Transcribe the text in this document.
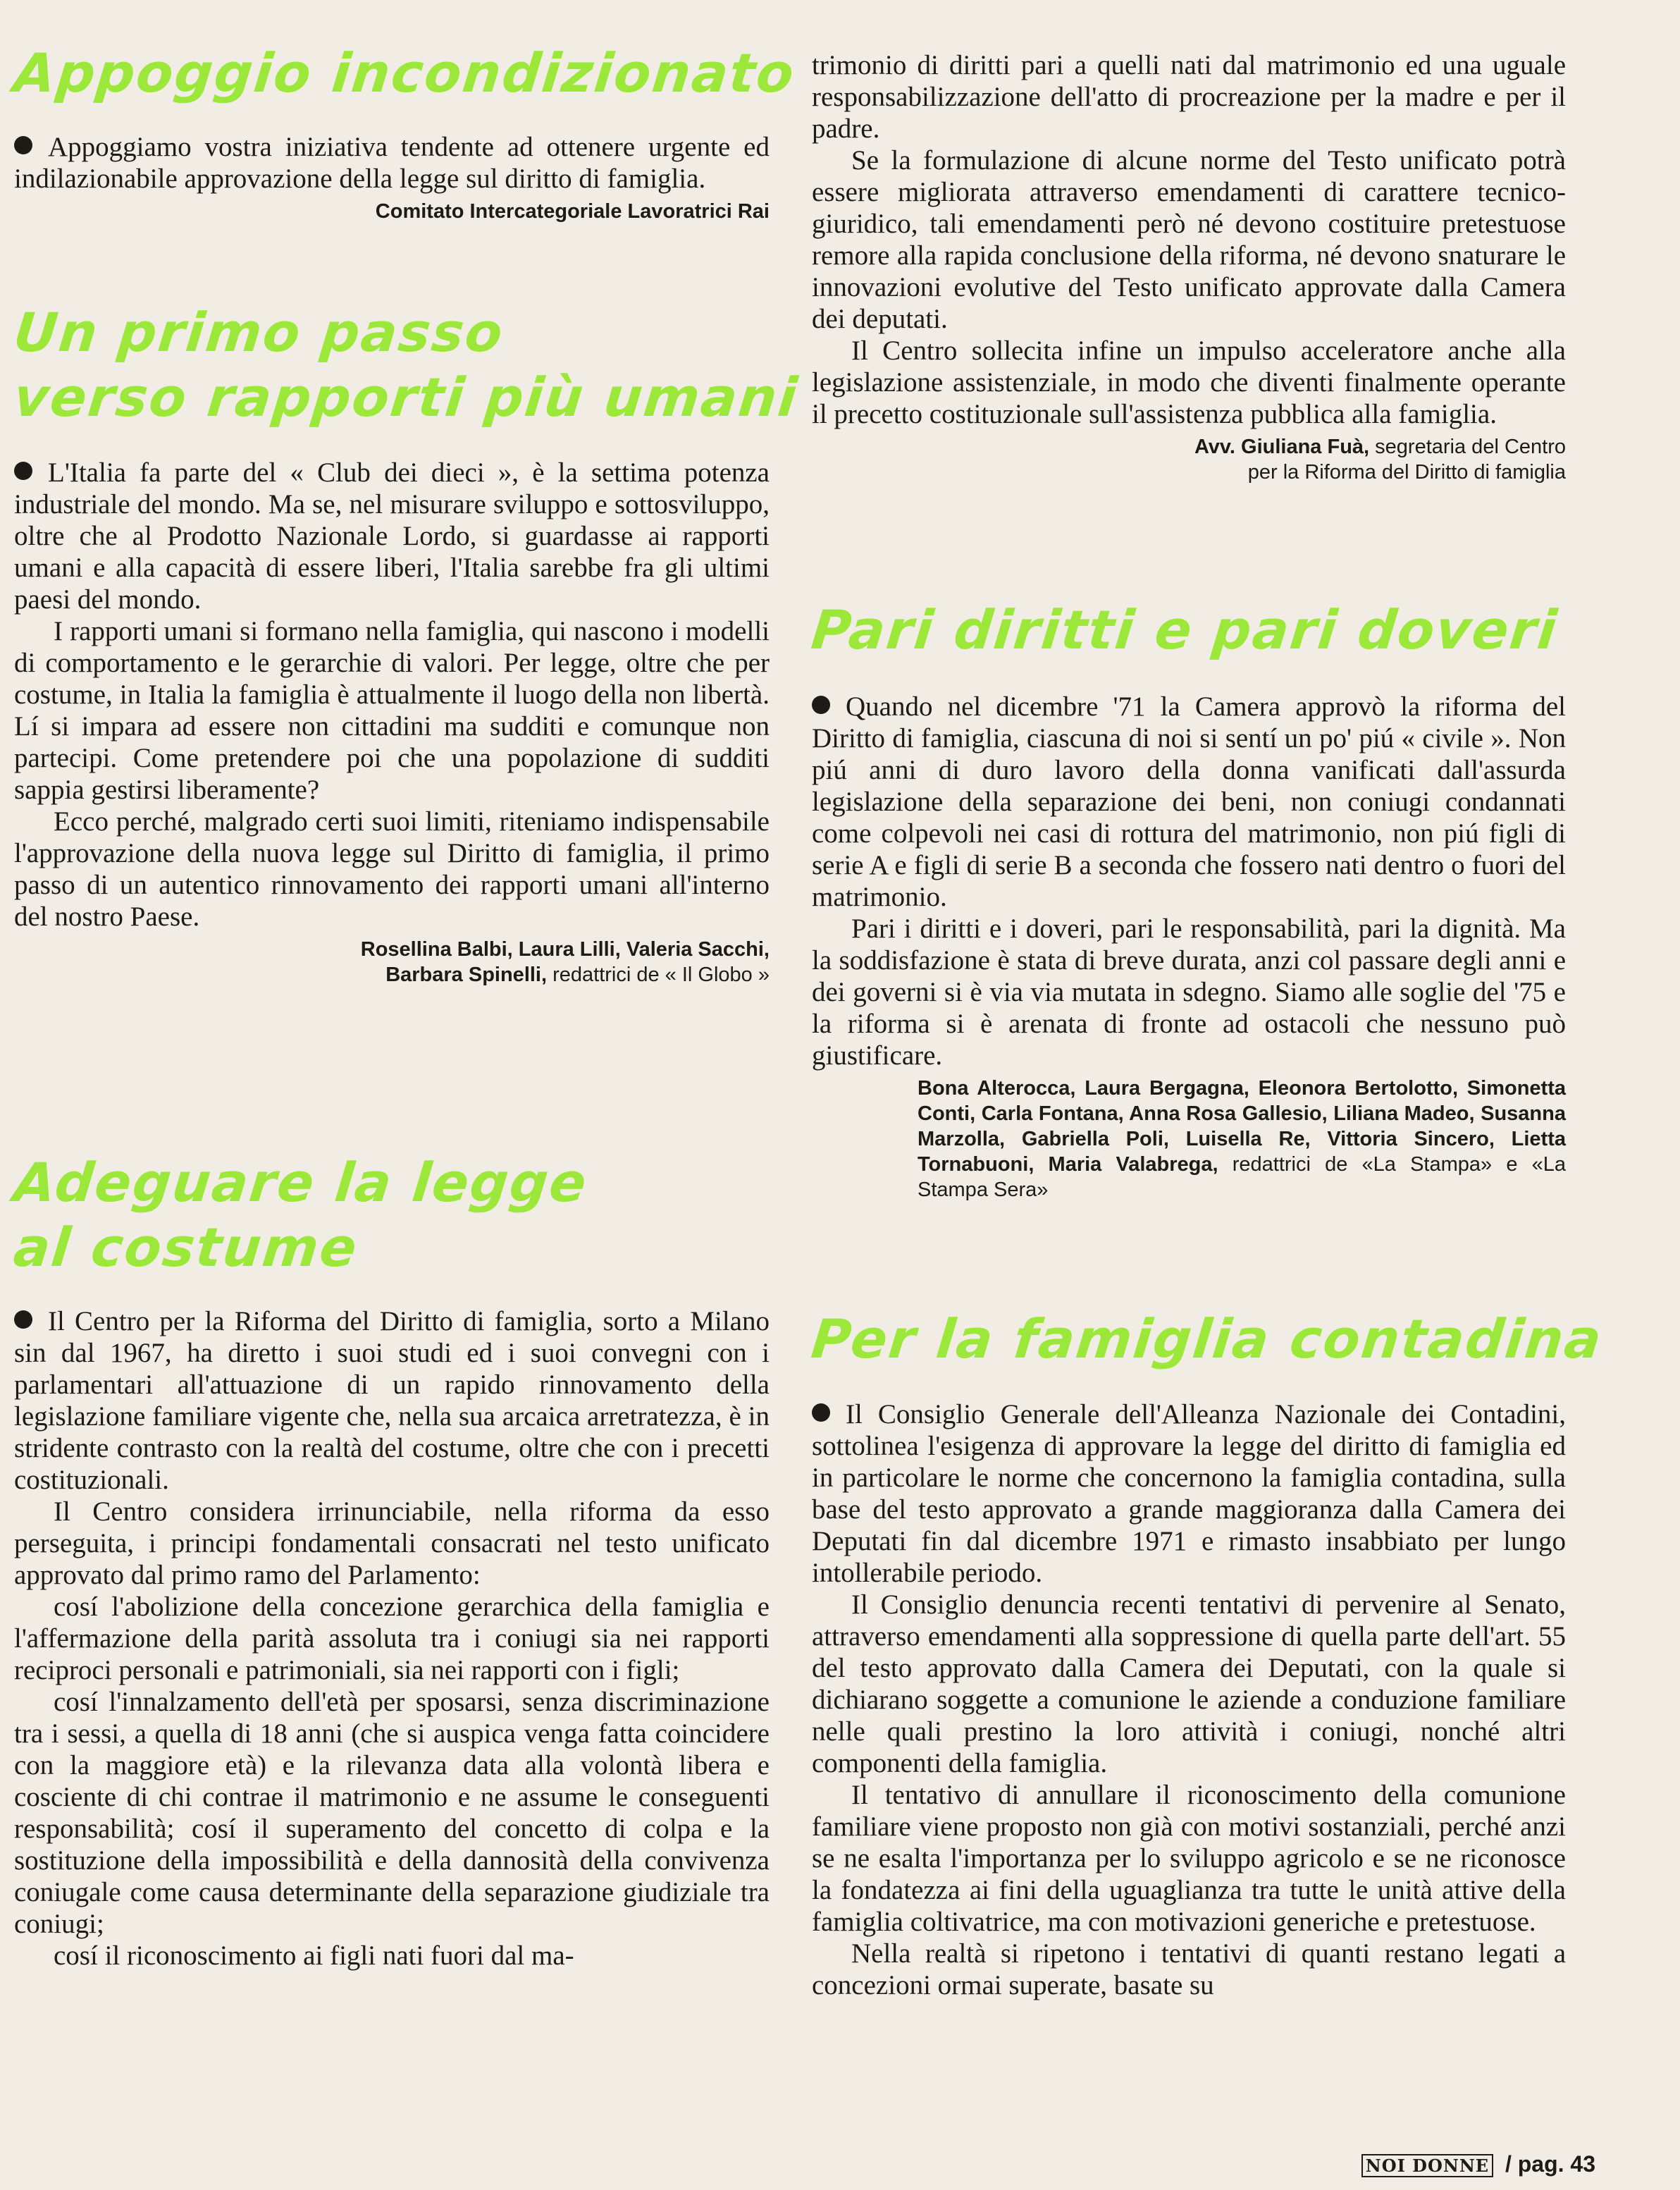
Appoggio incondizionato

Appoggiamo vostra iniziativa tendente ad ottenere urgente ed indilazionabile approvazione della legge sul diritto di famiglia.

Comitato Intercategoriale Lavoratrici Rai

Un primo passo
verso rapporti più umani

L'Italia fa parte del « Club dei dieci », è la settima potenza industriale del mondo. Ma se, nel misurare sviluppo e sottosviluppo, oltre che al Prodotto Nazionale Lordo, si guardasse ai rapporti umani e alla capacità di essere liberi, l'Italia sarebbe fra gli ultimi paesi del mondo.

I rapporti umani si formano nella famiglia, qui nascono i modelli di comportamento e le gerarchie di valori. Per legge, oltre che per costume, in Italia la famiglia è attualmente il luogo della non libertà. Lí si impara ad essere non cittadini ma sudditi e comunque non partecipi. Come pretendere poi che una popolazione di sudditi sappia gestirsi liberamente?

Ecco perché, malgrado certi suoi limiti, riteniamo indispensabile l'approvazione della nuova legge sul Diritto di famiglia, il primo passo di un autentico rinnovamento dei rapporti umani all'interno del nostro Paese.

Rosellina Balbi, Laura Lilli, Valeria Sacchi,
Barbara Spinelli, redattrici de « Il Globo »

Adeguare la legge
al costume

Il Centro per la Riforma del Diritto di famiglia, sorto a Milano sin dal 1967, ha diretto i suoi studi ed i suoi convegni con i parlamentari all'attuazione di un rapido rinnovamento della legislazione familiare vigente che, nella sua arcaica arretratezza, è in stridente contrasto con la realtà del costume, oltre che con i precetti costituzionali.

Il Centro considera irrinunciabile, nella riforma da esso perseguita, i principi fondamentali consacrati nel testo unificato approvato dal primo ramo del Parlamento:

cosí l'abolizione della concezione gerarchica della famiglia e l'affermazione della parità assoluta tra i coniugi sia nei rapporti reciproci personali e patrimoniali, sia nei rapporti con i figli;

cosí l'innalzamento dell'età per sposarsi, senza discriminazione tra i sessi, a quella di 18 anni (che si auspica venga fatta coincidere con la maggiore età) e la rilevanza data alla volontà libera e cosciente di chi contrae il matrimonio e ne assume le conseguenti responsabilità; cosí il superamento del concetto di colpa e la sostituzione della impossibilità e della dannosità della convivenza coniugale come causa determinante della separazione giudiziale tra coniugi;

cosí il riconoscimento ai figli nati fuori dal ma-

trimonio di diritti pari a quelli nati dal matrimonio ed una uguale responsabilizzazione dell'atto di procreazione per la madre e per il padre.

Se la formulazione di alcune norme del Testo unificato potrà essere migliorata attraverso emendamenti di carattere tecnico-giuridico, tali emendamenti però né devono costituire pretestuose remore alla rapida conclusione della riforma, né devono snaturare le innovazioni evolutive del Testo unificato approvate dalla Camera dei deputati.

Il Centro sollecita infine un impulso acceleratore anche alla legislazione assistenziale, in modo che diventi finalmente operante il precetto costituzionale sull'assistenza pubblica alla famiglia.

Avv. Giuliana Fuà, segretaria del Centro
per la Riforma del Diritto di famiglia

Pari diritti e pari doveri

Quando nel dicembre '71 la Camera approvò la riforma del Diritto di famiglia, ciascuna di noi si sentí un po' piú « civile ». Non piú anni di duro lavoro della donna vanificati dall'assurda legislazione della separazione dei beni, non coniugi condannati come colpevoli nei casi di rottura del matrimonio, non piú figli di serie A e figli di serie B a seconda che fossero nati dentro o fuori del matrimonio.

Pari i diritti e i doveri, pari le responsabilità, pari la dignità. Ma la soddisfazione è stata di breve durata, anzi col passare degli anni e dei governi si è via via mutata in sdegno. Siamo alle soglie del '75 e la riforma si è arenata di fronte ad ostacoli che nessuno può giustificare.

Bona Alterocca, Laura Bergagna, Eleonora Bertolotto, Simonetta Conti, Carla Fontana, Anna Rosa Gallesio, Liliana Madeo, Susanna Marzolla, Gabriella Poli, Luisella Re, Vittoria Sincero, Lietta Tornabuoni, Maria Valabrega, redattrici de «La Stampa» e «La Stampa Sera»

Per la famiglia contadina

Il Consiglio Generale dell'Alleanza Nazionale dei Contadini, sottolinea l'esigenza di approvare la legge del diritto di famiglia ed in particolare le norme che concernono la famiglia contadina, sulla base del testo approvato a grande maggioranza dalla Camera dei Deputati fin dal dicembre 1971 e rimasto insabbiato per lungo intollerabile periodo.

Il Consiglio denuncia recenti tentativi di pervenire al Senato, attraverso emendamenti alla soppressione di quella parte dell'art. 55 del testo approvato dalla Camera dei Deputati, con la quale si dichiarano soggette a comunione le aziende a conduzione familiare nelle quali prestino la loro attività i coniugi, nonché altri componenti della famiglia.

Il tentativo di annullare il riconoscimento della comunione familiare viene proposto non già con motivi sostanziali, perché anzi se ne esalta l'importanza per lo sviluppo agricolo e se ne riconosce la fondatezza ai fini della uguaglianza tra tutte le unità attive della famiglia coltivatrice, ma con motivazioni generiche e pretestuose.

Nella realtà si ripetono i tentativi di quanti restano legati a concezioni ormai superate, basate su

NOI DONNE / pag. 43
